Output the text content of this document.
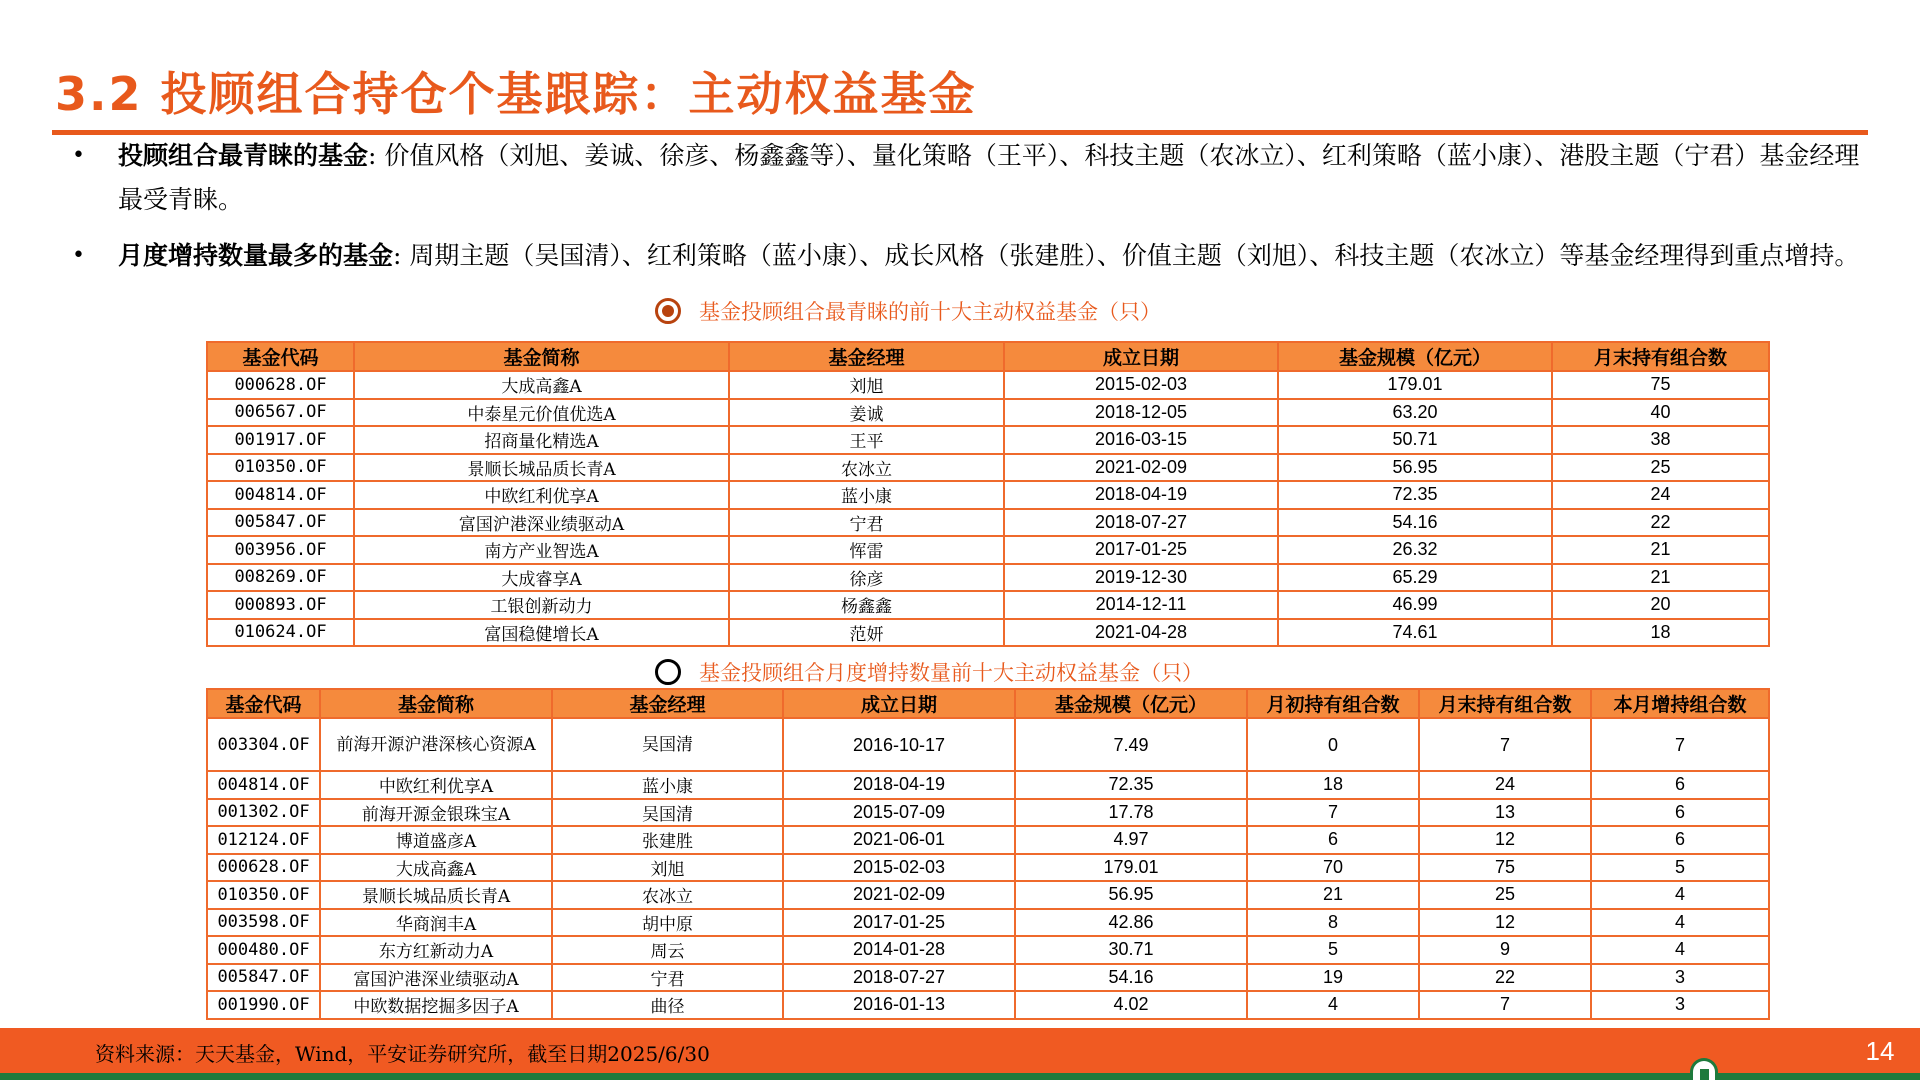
3.2 投顾组合持仓个基跟踪：主动权益基金
• 投顾组合最青睐的基金: 价值风格（刘旭、姜诚、徐彦、杨鑫鑫等）、量化策略（王平）、科技主题（农冰立）、红利策略（蓝小康）、港股主题（宁君）基金经理最受青睐。
• 月度增持数量最多的基金: 周期主题（吴国清）、红利策略（蓝小康）、成长风格（张建胜）、价值主题（刘旭）、科技主题（农冰立）等基金经理得到重点增持。
基金投顾组合最青睐的前十大主动权益基金（只）
基金代码	基金简称	基金经理	成立日期	基金规模（亿元）	月末持有组合数
000628.OF	大成高鑫A	刘旭	2015-02-03	179.01	75
006567.OF	中泰星元价值优选A	姜诚	2018-12-05	63.20	40
001917.OF	招商量化精选A	王平	2016-03-15	50.71	38
010350.OF	景顺长城品质长青A	农冰立	2021-02-09	56.95	25
004814.OF	中欧红利优享A	蓝小康	2018-04-19	72.35	24
005847.OF	富国沪港深业绩驱动A	宁君	2018-07-27	54.16	22
003956.OF	南方产业智选A	恽雷	2017-01-25	26.32	21
008269.OF	大成睿享A	徐彦	2019-12-30	65.29	21
000893.OF	工银创新动力	杨鑫鑫	2014-12-11	46.99	20
010624.OF	富国稳健增长A	范妍	2021-04-28	74.61	18
基金投顾组合月度增持数量前十大主动权益基金（只）
基金代码	基金简称	基金经理	成立日期	基金规模（亿元）	月初持有组合数	月末持有组合数	本月增持组合数
003304.OF	前海开源沪港深核心资源A	吴国清	2016-10-17	7.49	0	7	7
004814.OF	中欧红利优享A	蓝小康	2018-04-19	72.35	18	24	6
001302.OF	前海开源金银珠宝A	吴国清	2015-07-09	17.78	7	13	6
012124.OF	博道盛彦A	张建胜	2021-06-01	4.97	6	12	6
000628.OF	大成高鑫A	刘旭	2015-02-03	179.01	70	75	5
010350.OF	景顺长城品质长青A	农冰立	2021-02-09	56.95	21	25	4
003598.OF	华商润丰A	胡中原	2017-01-25	42.86	8	12	4
000480.OF	东方红新动力A	周云	2014-01-28	30.71	5	9	4
005847.OF	富国沪港深业绩驱动A	宁君	2018-07-27	54.16	19	22	3
001990.OF	中欧数据挖掘多因子A	曲径	2016-01-13	4.02	4	7	3
资料来源：天天基金，Wind，平安证券研究所，截至日期2025/6/30	14
